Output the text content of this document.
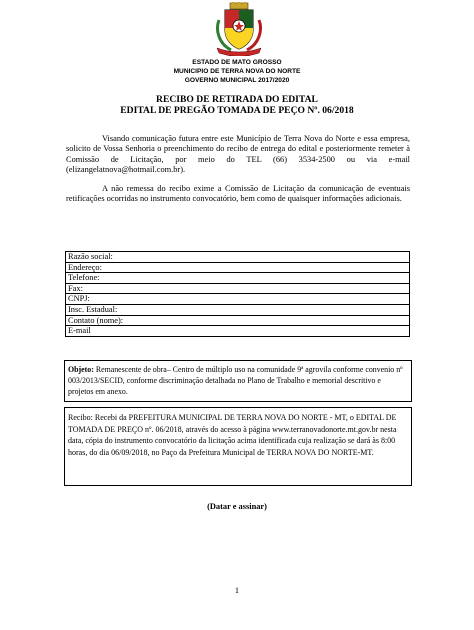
ESTADO DE MATO GROSSO
MUNICIPIO DE TERRA NOVA DO NORTE
GOVERNO MUNICIPAL 2017/2020
RECIBO DE RETIRADA DO EDITAL
EDITAL DE PREGÃO TOMADA DE PEÇO Nº. 06/2018
Visando comunicação futura entre este Município de Terra Nova do Norte e essa empresa, solicito de Vossa Senhoria o preenchimento do recibo de entrega do edital e posteriormente remeter à Comissão de Licitação, por meio do TEL (66) 3534-2500 ou via e-mail (elizangelatnova@hotmail.com.br).
A não remessa do recibo exime a Comissão de Licitação da comunicação de eventuais retificações ocorridas no instrumento convocatório, bem como de quaisquer informações adicionais.
Razão social:
Endereço:
Telefone:
Fax:
CNPJ:
Insc. Estadual:
Contato (nome):
E-mail
Objeto: Remanescente de obra– Centro de múltiplo uso na comunidade 9ª agrovila conforme convenio nº 003/2013/SECID, conforme discriminação detalhada no Plano de Trabalho e memorial descritivo e projetos em anexo.
Recibo: Recebi da PREFEITURA MUNICIPAL DE TERRA NOVA DO NORTE - MT, o EDITAL DE TOMADA DE PREÇO nº. 06/2018, através do acesso à página www.terranovadonorte.mt.gov.br nesta data, cópia do instrumento convocatório da licitação acima identificada cuja realização se dará às 8:00 horas, do dia 06/09/2018, no Paço da Prefeitura Municipal de TERRA NOVA DO NORTE-MT.
(Datar e assinar)
1
